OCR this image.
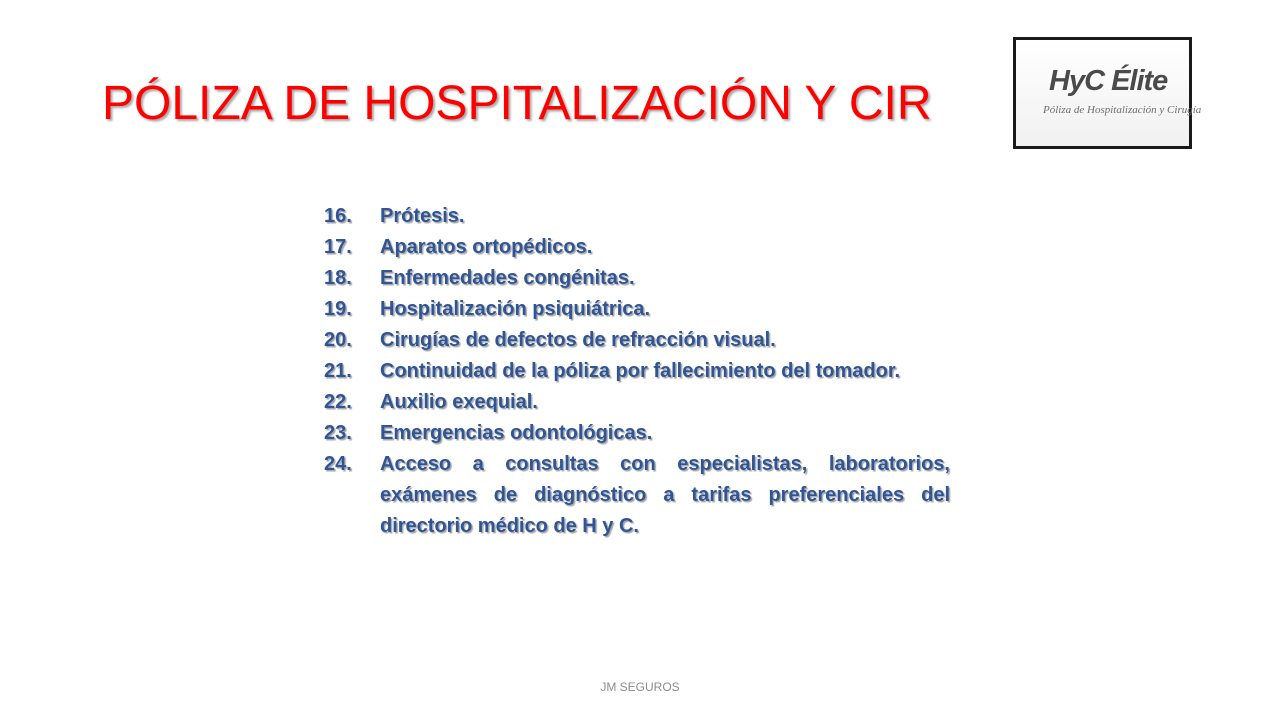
PÓLIZA DE HOSPITALIZACIÓN Y CIR	HyC Élite
Póliza de Hospitalización y Cirugía
16.	Prótesis.
17.	Aparatos ortopédicos.
18.	Enfermedades congénitas.
19.	Hospitalización psiquiátrica.
20.	Cirugías de defectos de refracción visual.
21.	Continuidad de la póliza por fallecimiento del tomador.
22.	Auxilio exequial.
23.	Emergencias odontológicas.
24.	Acceso a consultas con especialistas, laboratorios, exámenes de diagnóstico a tarifas preferenciales del directorio médico de H y C.
JM SEGUROS
